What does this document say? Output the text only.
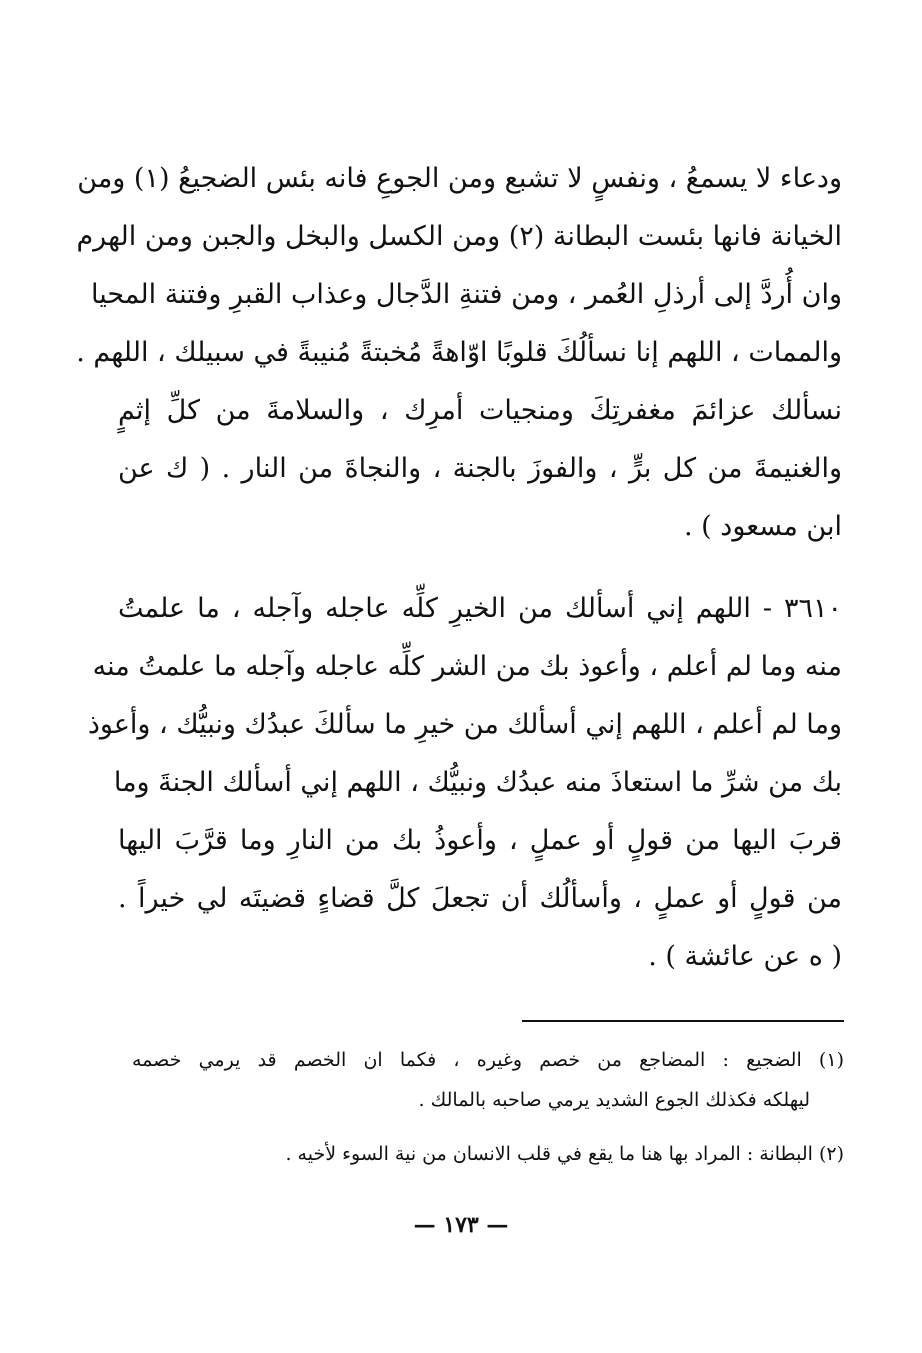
ودعاء لا يسمعُ ، ونفسٍ لا تشبع ومن الجوعِ فانه بئس الضجيعُ (١) ومن
الخيانة فانها بئست البطانة (٢) ومن الكسل والبخل والجبن ومن الهرم
وان أُردَّ إلى أرذلِ العُمر ، ومن فتنةِ الدَّجال وعذاب القبرِ وفتنة المحيا
والممات ، اللهم إنا نسألُكَ قلوبًا اوّاهةً مُخبتةً مُنيبةً في سبيلك ، اللهم .
نسألك عزائمَ مغفرتِكَ ومنجيات أمرِك ، والسلامةَ من كلِّ إثمٍ
والغنيمةَ من كل برٍّ ، والفوزَ بالجنة ، والنجاةَ من النار . ( ك عن
ابن مسعود ) .
٣٦١٠ - اللهم إني أسألك من الخيرِ كلِّه عاجله وآجله ، ما علمتُ
منه وما لم أعلم ، وأعوذ بك من الشر كلِّه عاجله وآجله ما علمتُ منه
وما لم أعلم ، اللهم إني أسألك من خيرِ ما سألكَ عبدُك ونبيُّك ، وأعوذ
بك من شرِّ ما استعاذَ منه عبدُك ونبيُّك ، اللهم إني أسألك الجنةَ وما
قربَ اليها من قولٍ أو عملٍ ، وأعوذُ بك من النارِ وما قرَّبَ اليها
من قولٍ أو عملٍ ، وأسألُك أن تجعلَ كلَّ قضاءٍ قضيتَه لي خيراً .
( ه عن عائشة ) .
(١) الضجيع : المضاجع من خصم وغيره ، فكما ان الخصم قد يرمي خصمه
ليهلكه فكذلك الجوع الشديد يرمي صاحبه بالمالك .
(٢) البطانة : المراد بها هنا ما يقع في قلب الانسان من نية السوء لأخيه .
— ١٧٣ —
